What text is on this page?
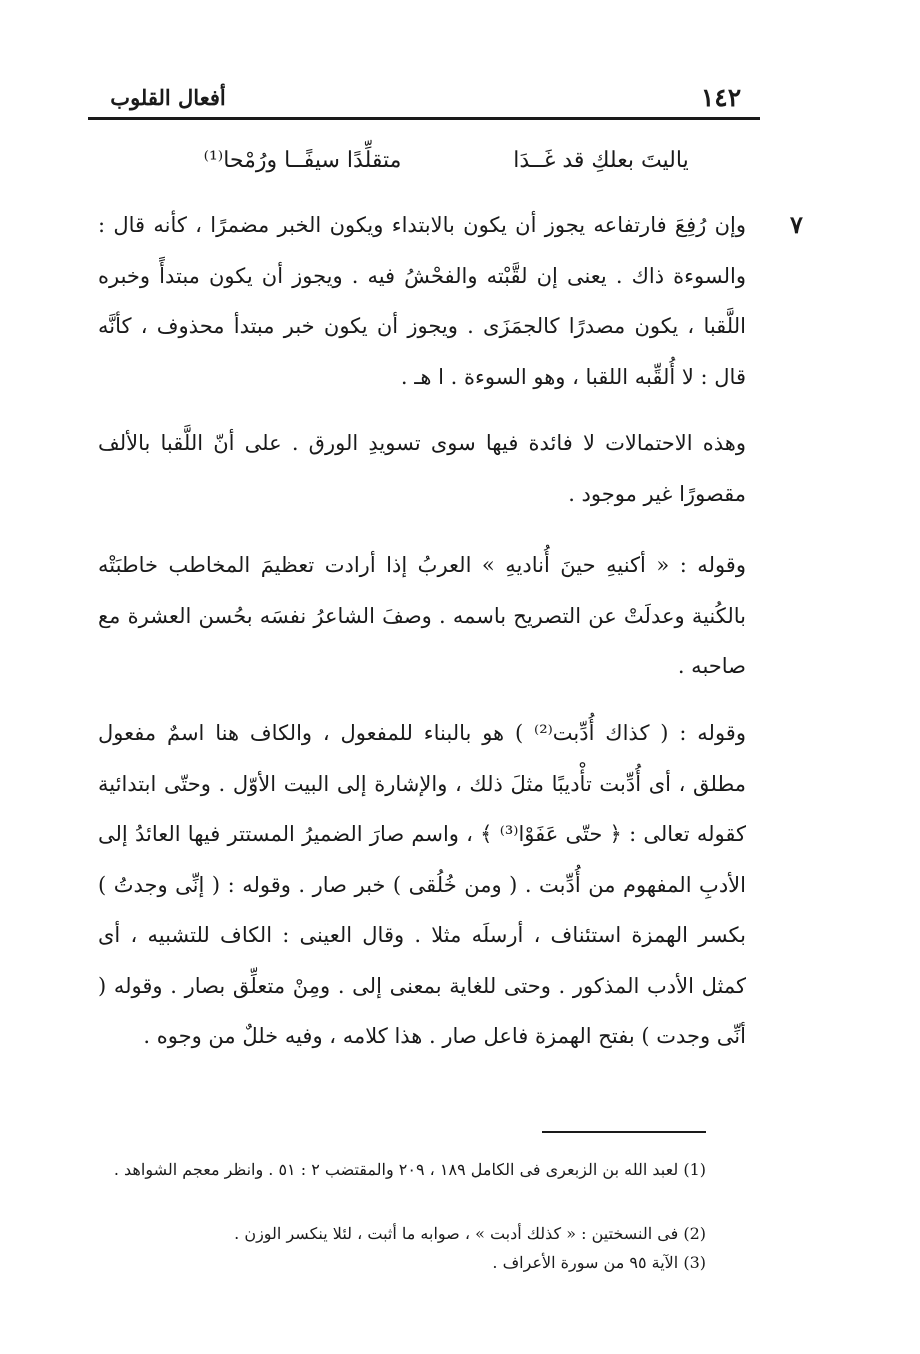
١٤٢
أفعال القلوب
ياليتَ بعلكِ قد غَــدَا
متقلِّدًا سيفًــا ورُمْحا⁽¹⁾
٧
وإن رُفِعَ فارتفاعه يجوز أن يكون بالابتداء ويكون الخبر مضمرًا ، كأنه قال : والسوءة ذاك . يعنى إن لقَّبْته والفحْشُ فيه . ويجوز أن يكون مبتدأً وخبره اللَّقبا ، يكون مصدرًا كالجمَزَى . ويجوز أن يكون خبر مبتدأ محذوف ، كأنَّه قال : لا أُلقِّبه اللقبا ، وهو السوءة . ا هـ .
وهذه الاحتمالات لا فائدة فيها سوى تسويدِ الورق . على أنّ اللَّقبا بالألف مقصورًا غير موجود .
وقوله : « أكنيهِ حينَ أُناديهِ » العربُ إذا أرادت تعظيمَ المخاطب خاطبَتْه بالكُنية وعدلَتْ عن التصريح باسمه . وصفَ الشاعرُ نفسَه بحُسن العشرة مع صاحبه .
وقوله : ( كذاك أُدِّبت⁽²⁾ ) هو بالبناء للمفعول ، والكاف هنا اسمٌ مفعول مطلق ، أى أُدِّبت تأْديبًا مثلَ ذلك ، والإشارة إلى البيت الأوّل . وحتّى ابتدائية كقوله تعالى : ﴿ حتّى عَفَوْا⁽³⁾ ﴾ ، واسم صارَ الضميرُ المستتر فيها العائدُ إلى الأدبِ المفهوم من أُدِّبت . ( ومن خُلُقى ) خبر صار . وقوله : ( إنِّى وجدتُ ) بكسر الهمزة استئناف ، أرسلَه مثلا . وقال العينى : الكاف للتشبيه ، أى كمثل الأدب المذكور . وحتى للغاية بمعنى إلى . ومِنْ متعلِّق بصار . وقوله ( أنِّى وجدت ) بفتح الهمزة فاعل صار . هذا كلامه ، وفيه خللٌ من وجوه .
(1) لعبد الله بن الزبعرى فى الكامل ١٨٩ ، ٢٠٩ والمقتضب ٢ : ٥١ . وانظر معجم الشواهد .
(2) فى النسختين : « كذلك أدبت » ، صوابه ما أثبت ، لئلا ينكسر الوزن .
(3) الآية ٩٥ من سورة الأعراف .
